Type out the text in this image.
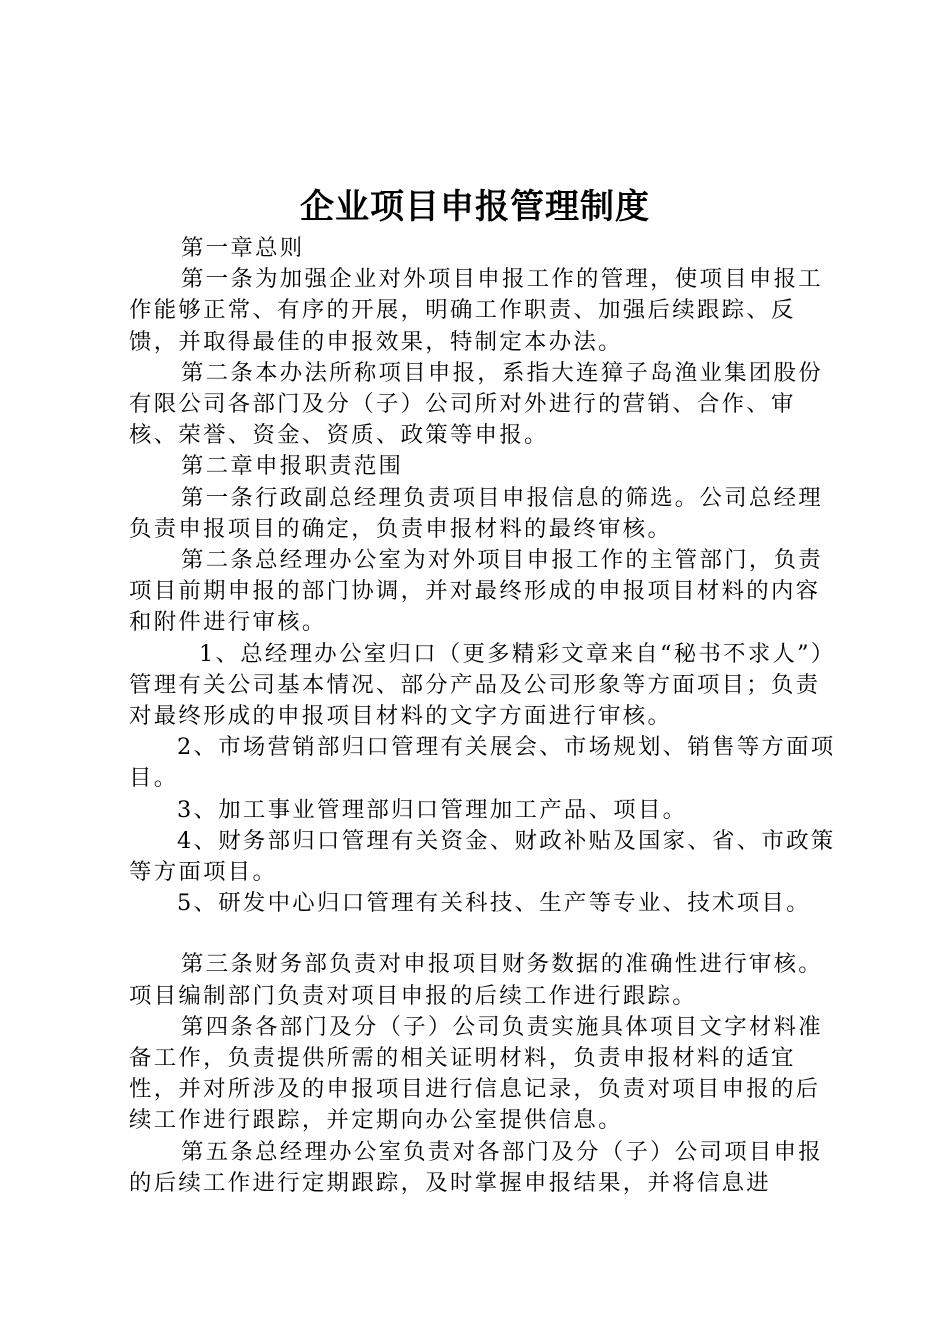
企业项目申报管理制度

第一章总则

第一条为加强企业对外项目申报工作的管理，使项目申报工作能够正常、有序的开展，明确工作职责、加强后续跟踪、反馈，并取得最佳的申报效果，特制定本办法。

第二条本办法所称项目申报，系指大连獐子岛渔业集团股份有限公司各部门及分（子）公司所对外进行的营销、合作、审核、荣誉、资金、资质、政策等申报。

第二章申报职责范围

第一条行政副总经理负责项目申报信息的筛选。公司总经理负责申报项目的确定，负责申报材料的最终审核。

第二条总经理办公室为对外项目申报工作的主管部门，负责项目前期申报的部门协调，并对最终形成的申报项目材料的内容和附件进行审核。

1、总经理办公室归口（更多精彩文章来自“秘书不求人”）管理有关公司基本情况、部分产品及公司形象等方面项目；负责对最终形成的申报项目材料的文字方面进行审核。

2、市场营销部归口管理有关展会、市场规划、销售等方面项目。

3、加工事业管理部归口管理加工产品、项目。

4、财务部归口管理有关资金、财政补贴及国家、省、市政策等方面项目。

5、研发中心归口管理有关科技、生产等专业、技术项目。

第三条财务部负责对申报项目财务数据的准确性进行审核。项目编制部门负责对项目申报的后续工作进行跟踪。

第四条各部门及分（子）公司负责实施具体项目文字材料准备工作，负责提供所需的相关证明材料，负责申报材料的适宜性，并对所涉及的申报项目进行信息记录，负责对项目申报的后续工作进行跟踪，并定期向办公室提供信息。

第五条总经理办公室负责对各部门及分（子）公司项目申报的后续工作进行定期跟踪，及时掌握申报结果，并将信息进
